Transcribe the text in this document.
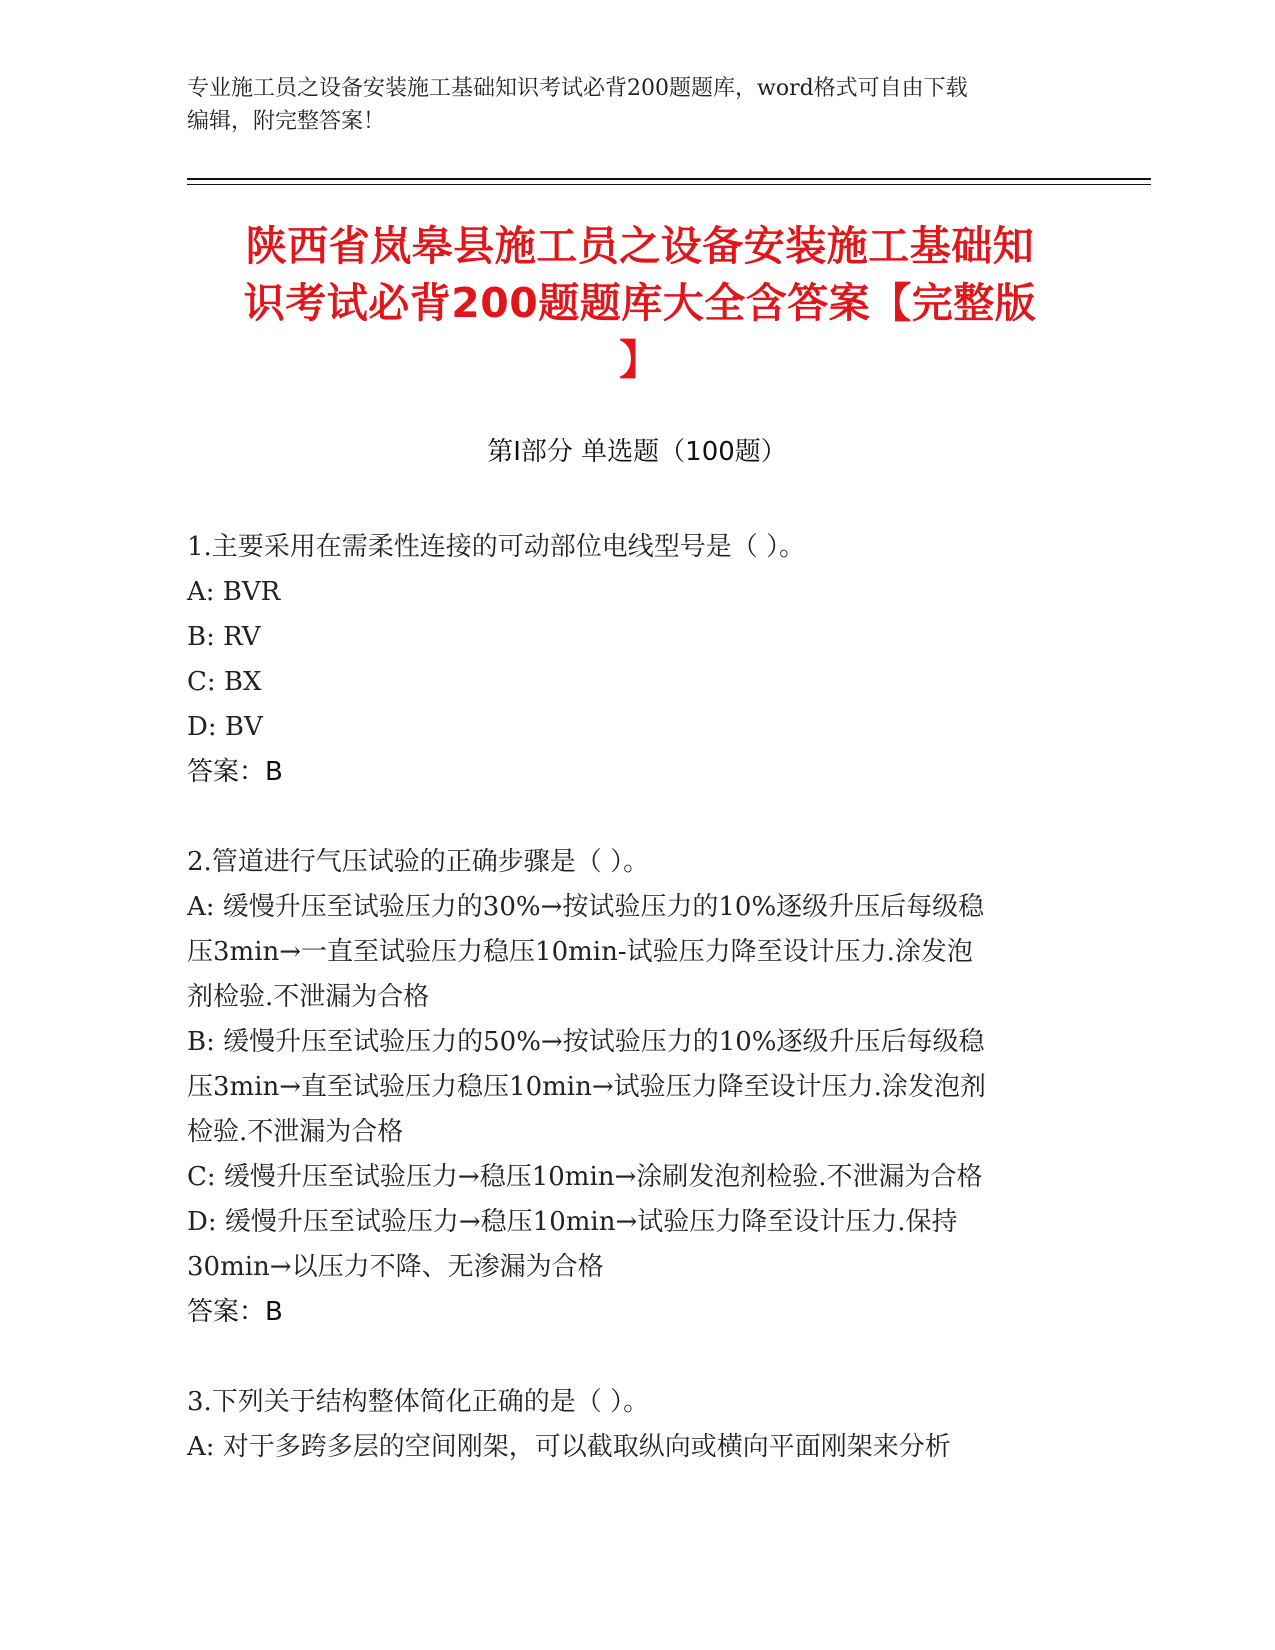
专业施工员之设备安装施工基础知识考试必背200题题库，word格式可自由下载
编辑，附完整答案！
陕西省岚皋县施工员之设备安装施工基础知
识考试必背200题题库大全含答案【完整版
】
第I部分 单选题（100题）

1.主要采用在需柔性连接的可动部位电线型号是（ ）。

A: BVR

B: RV

C: BX

D: BV

答案：B

2.管道进行气压试验的正确步骤是（ ）。

A: 缓慢升压至试验压力的30%→按试验压力的10%逐级升压后每级稳

压3min→一直至试验压力稳压10min-试验压力降至设计压力.涂发泡

剂检验.不泄漏为合格

B: 缓慢升压至试验压力的50%→按试验压力的10%逐级升压后每级稳

压3min→直至试验压力稳压10min→试验压力降至设计压力.涂发泡剂

检验.不泄漏为合格

C: 缓慢升压至试验压力→稳压10min→涂刷发泡剂检验.不泄漏为合格

D: 缓慢升压至试验压力→稳压10min→试验压力降至设计压力.保持

30min→以压力不降、无渗漏为合格

答案：B

3.下列关于结构整体简化正确的是（ ）。

A: 对于多跨多层的空间刚架，可以截取纵向或横向平面刚架来分析
